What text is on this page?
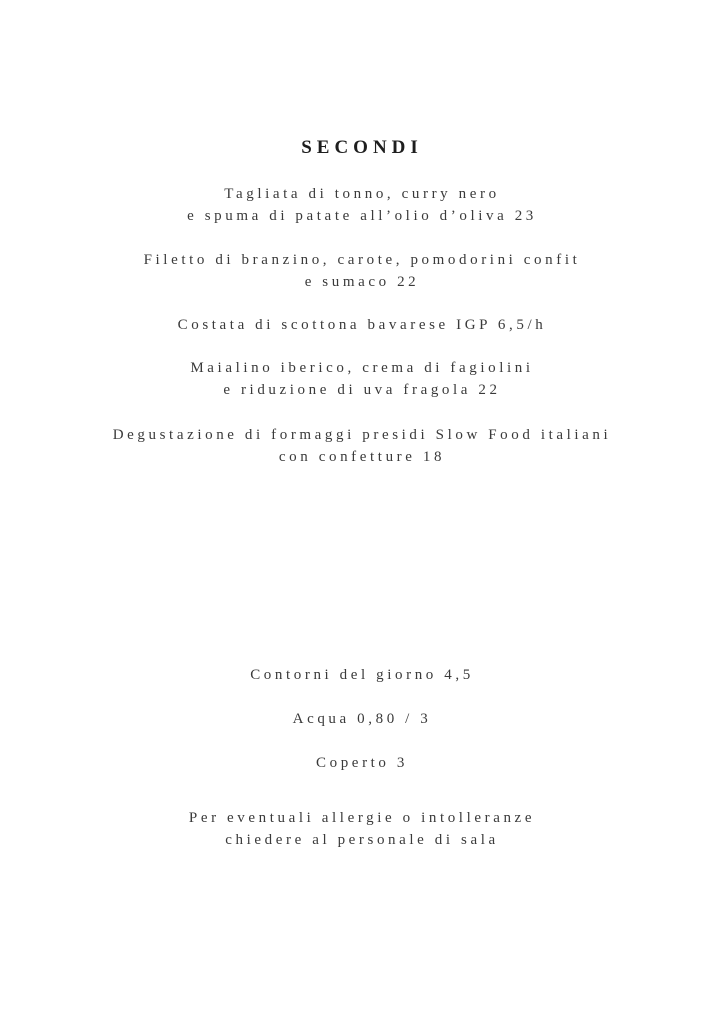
SECONDI
Tagliata di tonno, curry nero
e spuma di patate all’olio d’oliva 23
Filetto di branzino, carote, pomodorini confit
e sumaco 22
Costata di scottona bavarese IGP 6,5/h
Maialino iberico, crema di fagiolini
e riduzione di uva fragola 22
Degustazione di formaggi presidi Slow Food italiani
con confetture 18
Contorni del giorno 4,5
Acqua 0,80 / 3
Coperto 3
Per eventuali allergie o intolleranze
chiedere al personale di sala
